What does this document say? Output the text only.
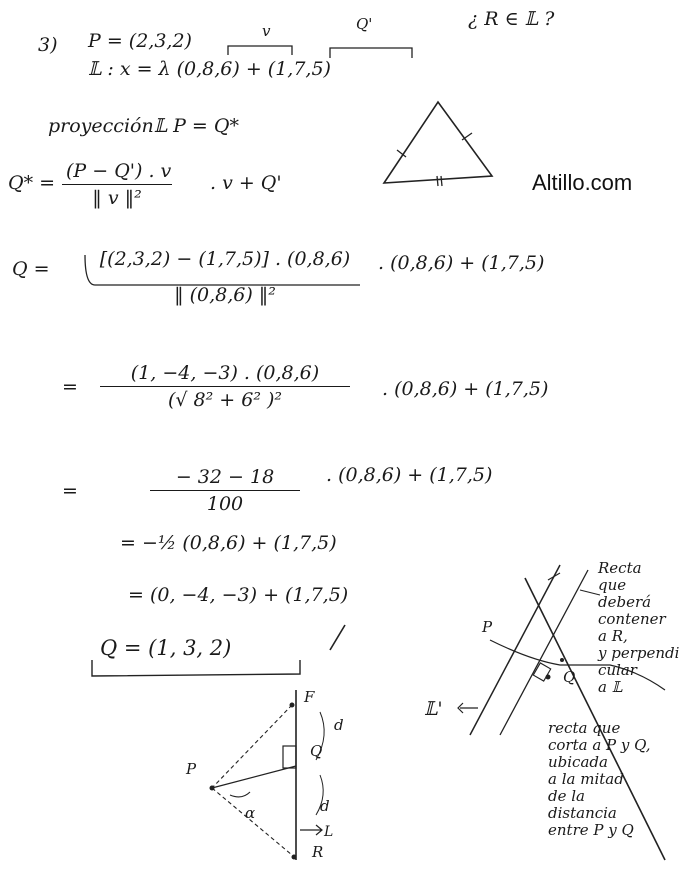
Altillo.com
3) P = (2,3,2)
𝕃 : x = λ (0,8,6) + (1,7,5)
v	Q'	¿ R ∈ 𝕃 ?
proyección𝕃 P = Q*
Q* =
(P − Q') . v
‖ v ‖²
. v + Q'
Q =	[(2,3,2) − (1,7,5)] . (0,8,6)
‖ (0,8,6) ‖²
. (0,8,6) + (1,7,5)
=
(1, −4, −3) . (0,8,6)
(√ 8² + 6² )²	. (0,8,6) + (1,7,5)
=
− 32 − 18
100
. (0,8,6) + (1,7,5)
= −½ (0,8,6) + (1,7,5)
= (0, −4, −3) + (1,7,5)
Q = (1, 3, 2)
P
Q
R
F
d
d
α
L
P
Q
𝕃'
Recta
que
deberá
contener
a R,
y perpendi
cular
a 𝕃
recta que
corta a P y Q,
ubicada
a la mitad
de la
distancia
entre P y Q
